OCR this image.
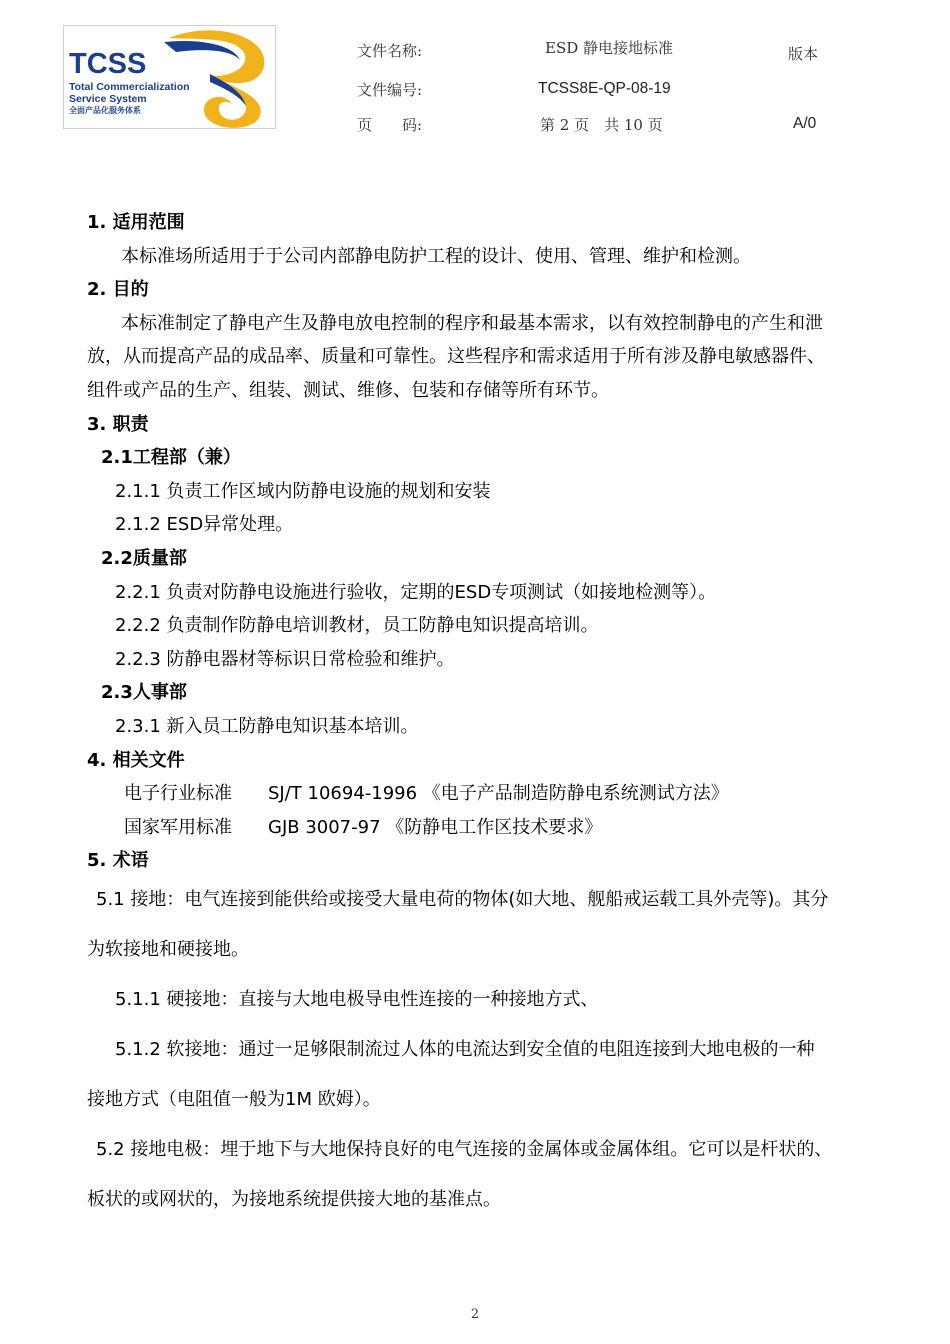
TCSS
Total Commercialization
Service System
全面产品化服务体系
文件名称:	ESD 静电接地标准	版本
文件编号:	TCSS8E-QP-08-19
页　　码:	第 2 页　共 10 页	A/0
1. 适用范围
本标准场所适用于于公司内部静电防护工程的设计、使用、管理、维护和检测。
2. 目的
本标准制定了静电产生及静电放电控制的程序和最基本需求，以有效控制静电的产生和泄
放，从而提高产品的成品率、质量和可靠性。这些程序和需求适用于所有涉及静电敏感器件、
组件或产品的生产、组装、测试、维修、包装和存储等所有环节。
3. 职责
2.1工程部（兼）
2.1.1 负责工作区域内防静电设施的规划和安装
2.1.2 ESD异常处理。
2.2质量部
2.2.1 负责对防静电设施进行验收，定期的ESD专项测试（如接地检测等）。
2.2.2 负责制作防静电培训教材，员工防静电知识提高培训。
2.2.3 防静电器材等标识日常检验和维护。
2.3人事部
2.3.1 新入员工防静电知识基本培训。
4. 相关文件
电子行业标准 SJ/T 10694-1996 《电子产品制造防静电系统测试方法》
国家军用标准 GJB 3007-97 《防静电工作区技术要求》
5. 术语
5.1 接地：电气连接到能供给或接受大量电荷的物体(如大地、舰船戒运载工具外壳等)。其分
为软接地和硬接地。
5.1.1 硬接地：直接与大地电极导电性连接的一种接地方式、
5.1.2 软接地：通过一足够限制流过人体的电流达到安全值的电阻连接到大地电极的一种
接地方式（电阻值一般为1M 欧姆）。
5.2 接地电极：埋于地下与大地保持良好的电气连接的金属体或金属体组。它可以是杆状的、
板状的或网状的，为接地系统提供接大地的基准点。
2
